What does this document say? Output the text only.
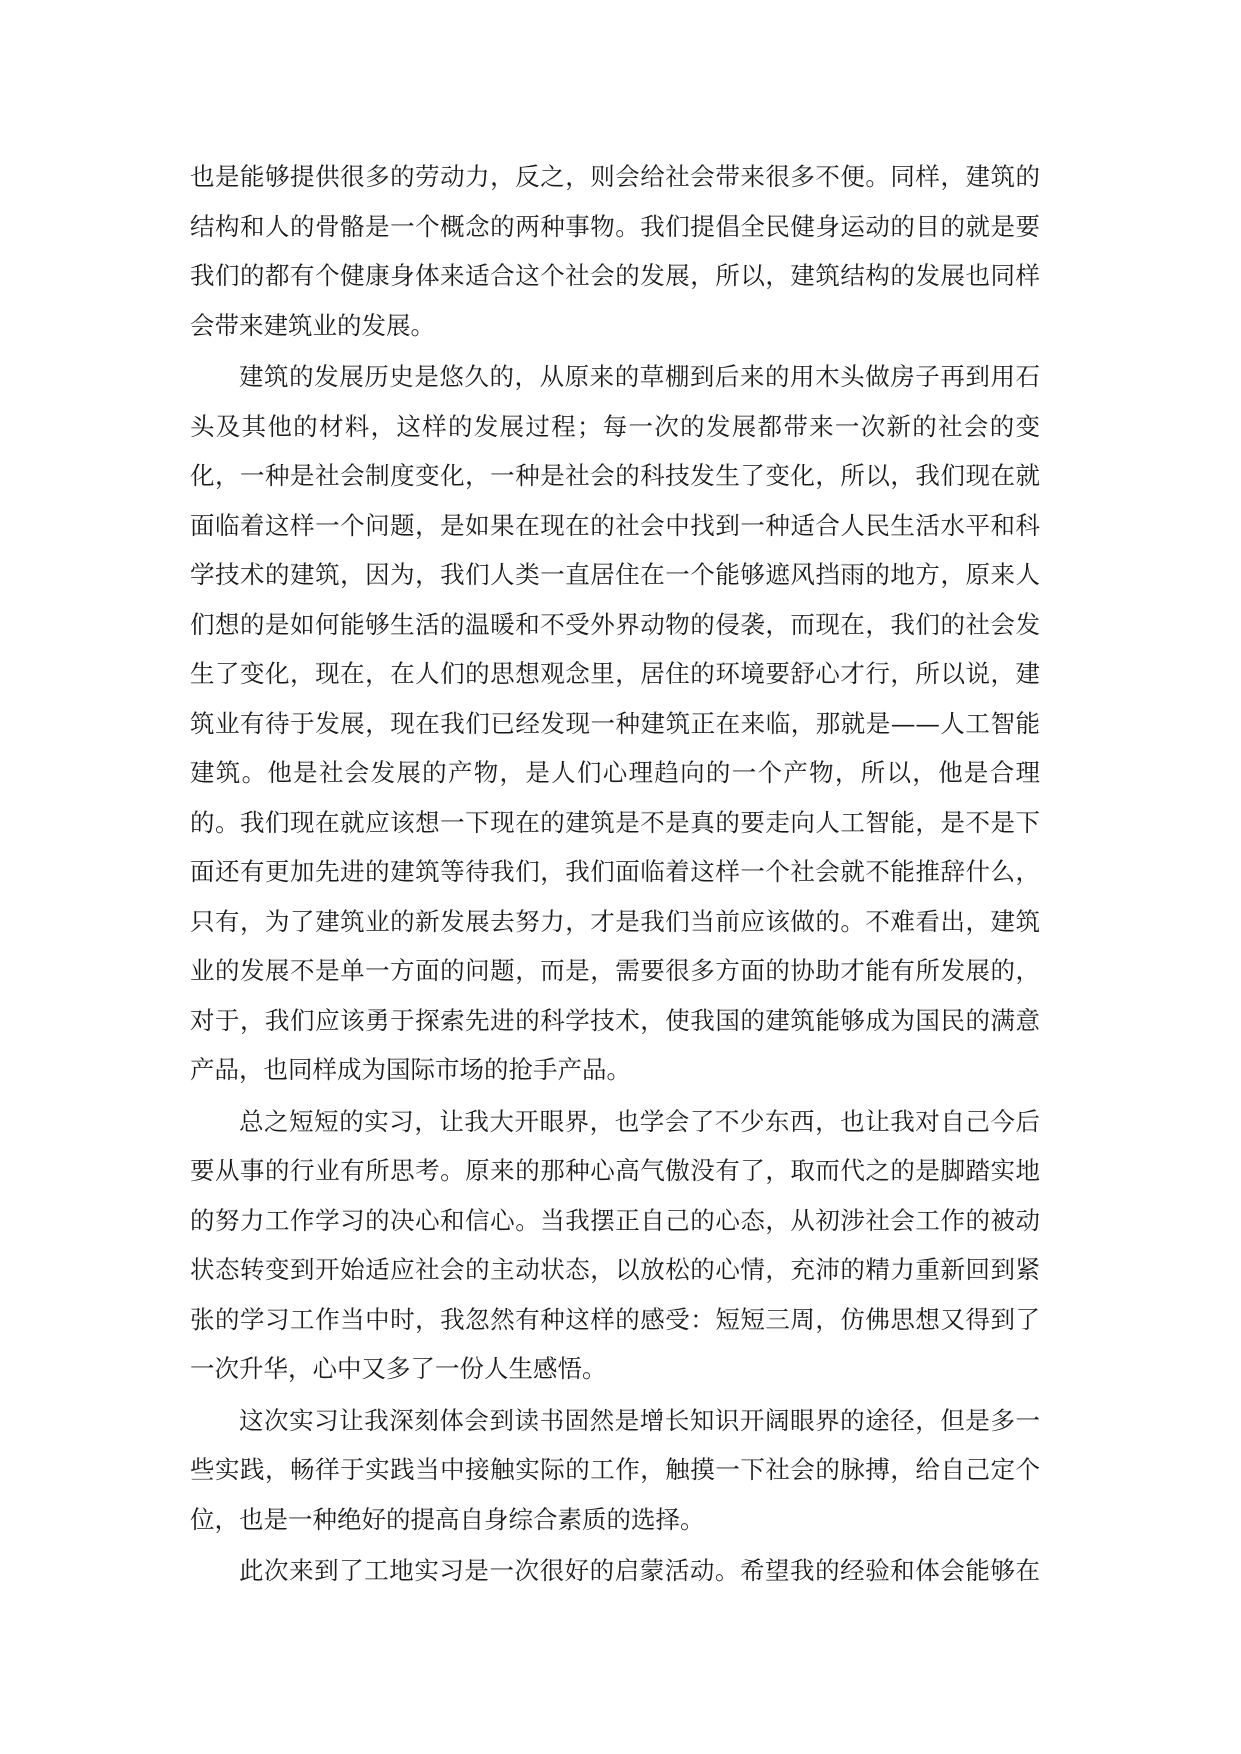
也是能够提供很多的劳动力，反之，则会给社会带来很多不便。同样，建筑的
结构和人的骨骼是一个概念的两种事物。我们提倡全民健身运动的目的就是要
我们的都有个健康身体来适合这个社会的发展，所以，建筑结构的发展也同样
会带来建筑业的发展。
建筑的发展历史是悠久的，从原来的草棚到后来的用木头做房子再到用石
头及其他的材料，这样的发展过程；每一次的发展都带来一次新的社会的变
化，一种是社会制度变化，一种是社会的科技发生了变化，所以，我们现在就
面临着这样一个问题，是如果在现在的社会中找到一种适合人民生活水平和科
学技术的建筑，因为，我们人类一直居住在一个能够遮风挡雨的地方，原来人
们想的是如何能够生活的温暖和不受外界动物的侵袭，而现在，我们的社会发
生了变化，现在，在人们的思想观念里，居住的环境要舒心才行，所以说，建
筑业有待于发展，现在我们已经发现一种建筑正在来临，那就是——人工智能
建筑。他是社会发展的产物，是人们心理趋向的一个产物，所以，他是合理
的。我们现在就应该想一下现在的建筑是不是真的要走向人工智能，是不是下
面还有更加先进的建筑等待我们，我们面临着这样一个社会就不能推辞什么，
只有，为了建筑业的新发展去努力，才是我们当前应该做的。不难看出，建筑
业的发展不是单一方面的问题，而是，需要很多方面的协助才能有所发展的，
对于，我们应该勇于探索先进的科学技术，使我国的建筑能够成为国民的满意
产品，也同样成为国际市场的抢手产品。
总之短短的实习，让我大开眼界，也学会了不少东西，也让我对自己今后
要从事的行业有所思考。原来的那种心高气傲没有了，取而代之的是脚踏实地
的努力工作学习的决心和信心。当我摆正自己的心态，从初涉社会工作的被动
状态转变到开始适应社会的主动状态，以放松的心情，充沛的精力重新回到紧
张的学习工作当中时，我忽然有种这样的感受：短短三周，仿佛思想又得到了
一次升华，心中又多了一份人生感悟。
这次实习让我深刻体会到读书固然是增长知识开阔眼界的途径，但是多一
些实践，畅徉于实践当中接触实际的工作，触摸一下社会的脉搏，给自己定个
位，也是一种绝好的提高自身综合素质的选择。
此次来到了工地实习是一次很好的启蒙活动。希望我的经验和体会能够在
